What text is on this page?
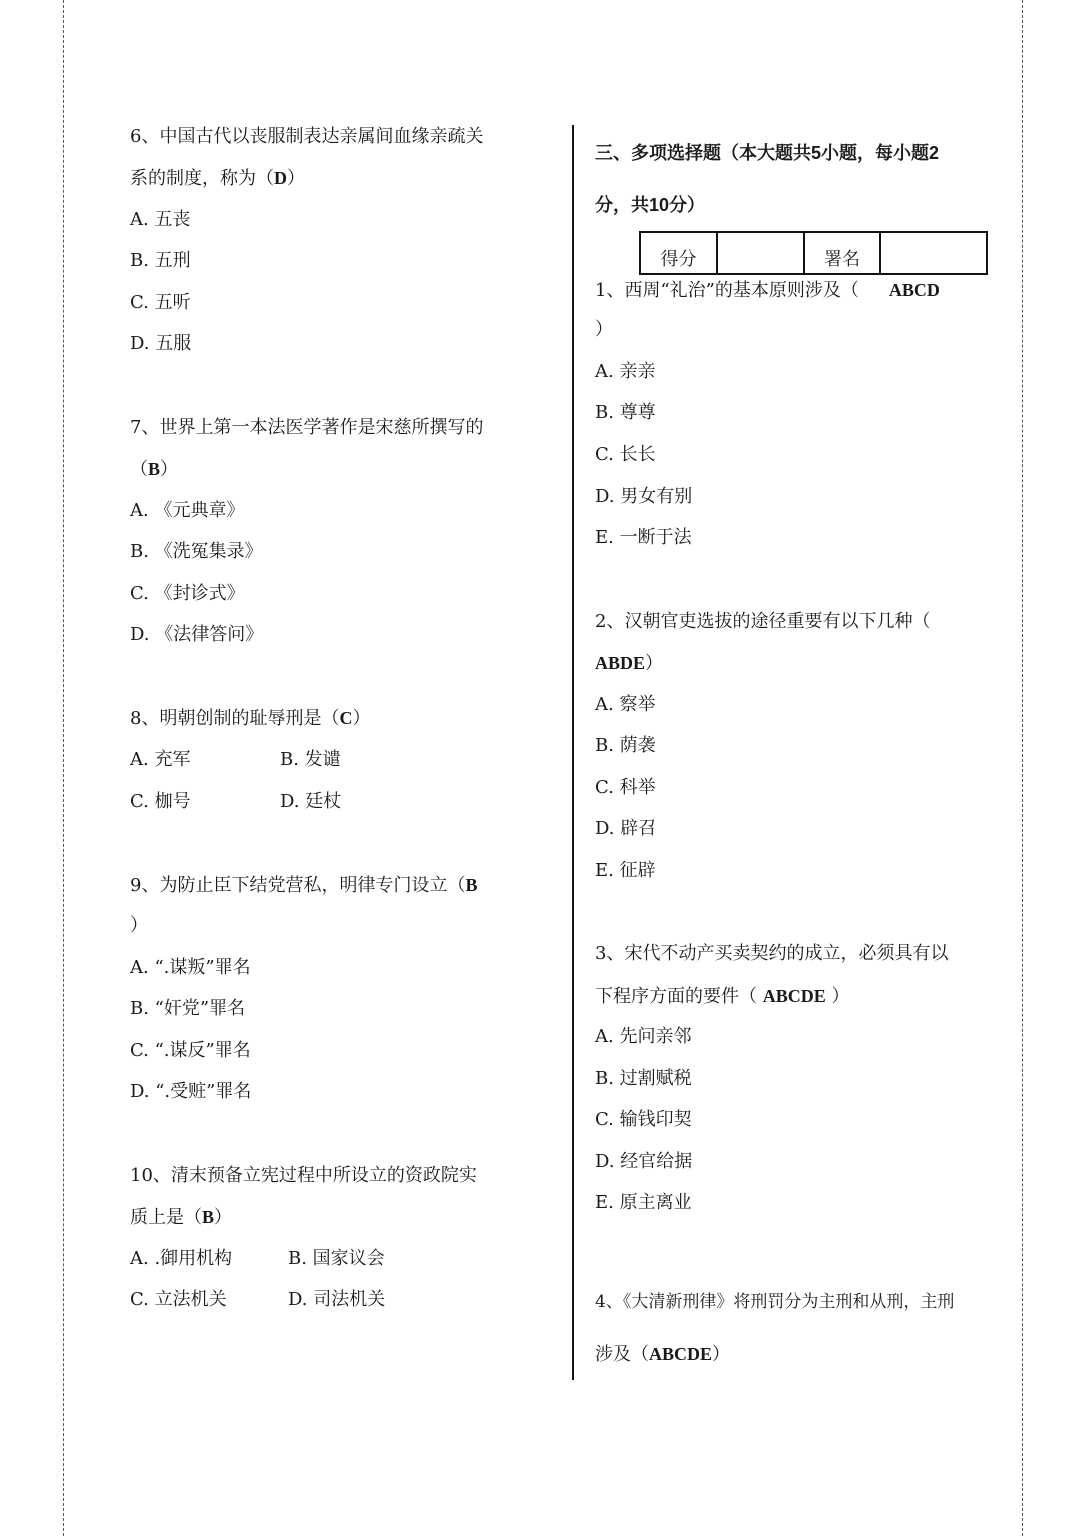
6、中国古代以丧服制表达亲属间血缘亲疏关
系的制度，称为（D）
A. 五丧
B. 五刑
C. 五听
D. 五服
7、世界上第一本法医学著作是宋慈所撰写的
（B）
A. 《元典章》
B. 《洗冤集录》
C. 《封诊式》
D. 《法律答问》
8、明朝创制的耻辱刑是（C）
A. 充军	B. 发谴
C. 枷号	D. 廷杖
9、为防止臣下结党营私，明律专门设立（B
）
A. “.谋叛”罪名
B. “奸党”罪名
C. “.谋反”罪名
D. “.受赃”罪名
10、清末预备立宪过程中所设立的资政院实
质上是（B）
A. .御用机构	B. 国家议会
C. 立法机关	D. 司法机关
三、多项选择题（本大题共5小题，每小题2
分，共10分）
得分	署名
1、西周“礼治”的基本原则涉及（ ABCD
）
A. 亲亲
B. 尊尊
C. 长长
D. 男女有别
E. 一断于法
2、汉朝官吏选拔的途径重要有以下几种（
ABDE）
A. 察举
B. 荫袭
C. 科举
D. 辟召
E. 征辟
3、宋代不动产买卖契约的成立，必须具有以
下程序方面的要件（ ABCDE ）
A. 先问亲邻
B. 过割赋税
C. 输钱印契
D. 经官给据
E. 原主离业
4、《大清新刑律》将刑罚分为主刑和从刑，主刑
涉及（ABCDE）
